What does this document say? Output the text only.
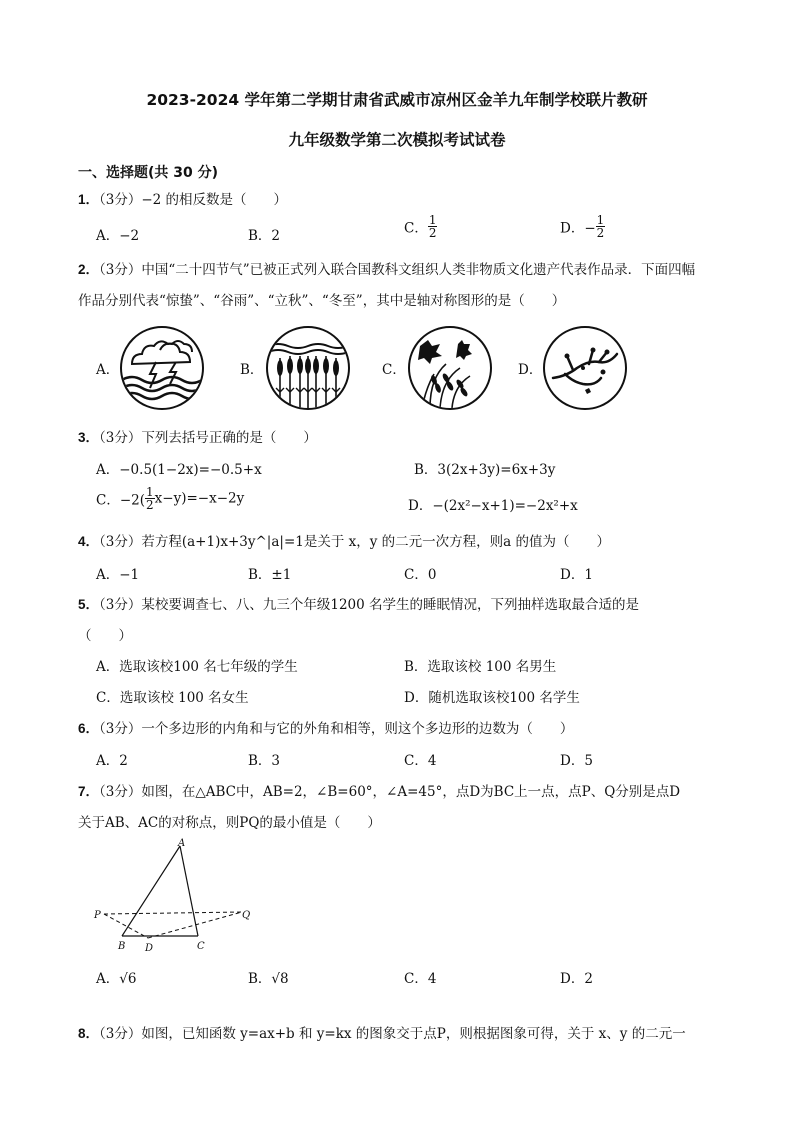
2023-2024 学年第二学期甘肃省武威市凉州区金羊九年制学校联片教研
九年级数学第二次模拟考试试卷
一、选择题(共 30 分)
1．（3分）−2 的相反数是（　　）
A．−2	B．2	C． $\frac{1}{2}$	D．− $\frac{1}{2}$
2．（3分）中国“二十四节气”已被正式列入联合国教科文组织人类非物质文化遗产代表作品录．下面四幅
作品分别代表“惊蛰”、“谷雨”、“立秋”、“冬至”，其中是轴对称图形的是（　　）
A．	B．	C．	D．
3．（3分）下列去括号正确的是（　　）
A．−0.5(1−2x)=−0.5+x	B．3(2x+3y)=6x+3y
C．$-2( \frac{1}{2} x-y)=-x-2y$	D．−(2x²−x+1)=−2x²+x
4．（3分）若方程(a+1)x+3y^|a|=1是关于 x，y 的二元一次方程，则a 的值为（　　）
A．−1	B．±1	C．0	D．1
5．（3分）某校要调查七、八、九三个年级1200 名学生的睡眠情况，下列抽样选取最合适的是
（　　）
A．选取该校100 名七年级的学生	B．选取该校 100 名男生
C．选取该校 100 名女生	D．随机选取该校100 名学生
6．（3分）一个多边形的内角和与它的外角和相等，则这个多边形的边数为（　　）
A．2	B．3	C．4	D．5
7．（3分）如图，在△ABC中，AB=2，∠B=60°，∠A=45°，点D为BC上一点，点P、Q分别是点D
关于AB、AC的对称点，则PQ的最小值是（　　）
A
B	C
D
P	Q
A．√6	B．√8	C．4	D．2
8．（3分）如图，已知函数 y=ax+b 和 y=kx 的图象交于点P，则根据图象可得，关于 x、y 的二元一
